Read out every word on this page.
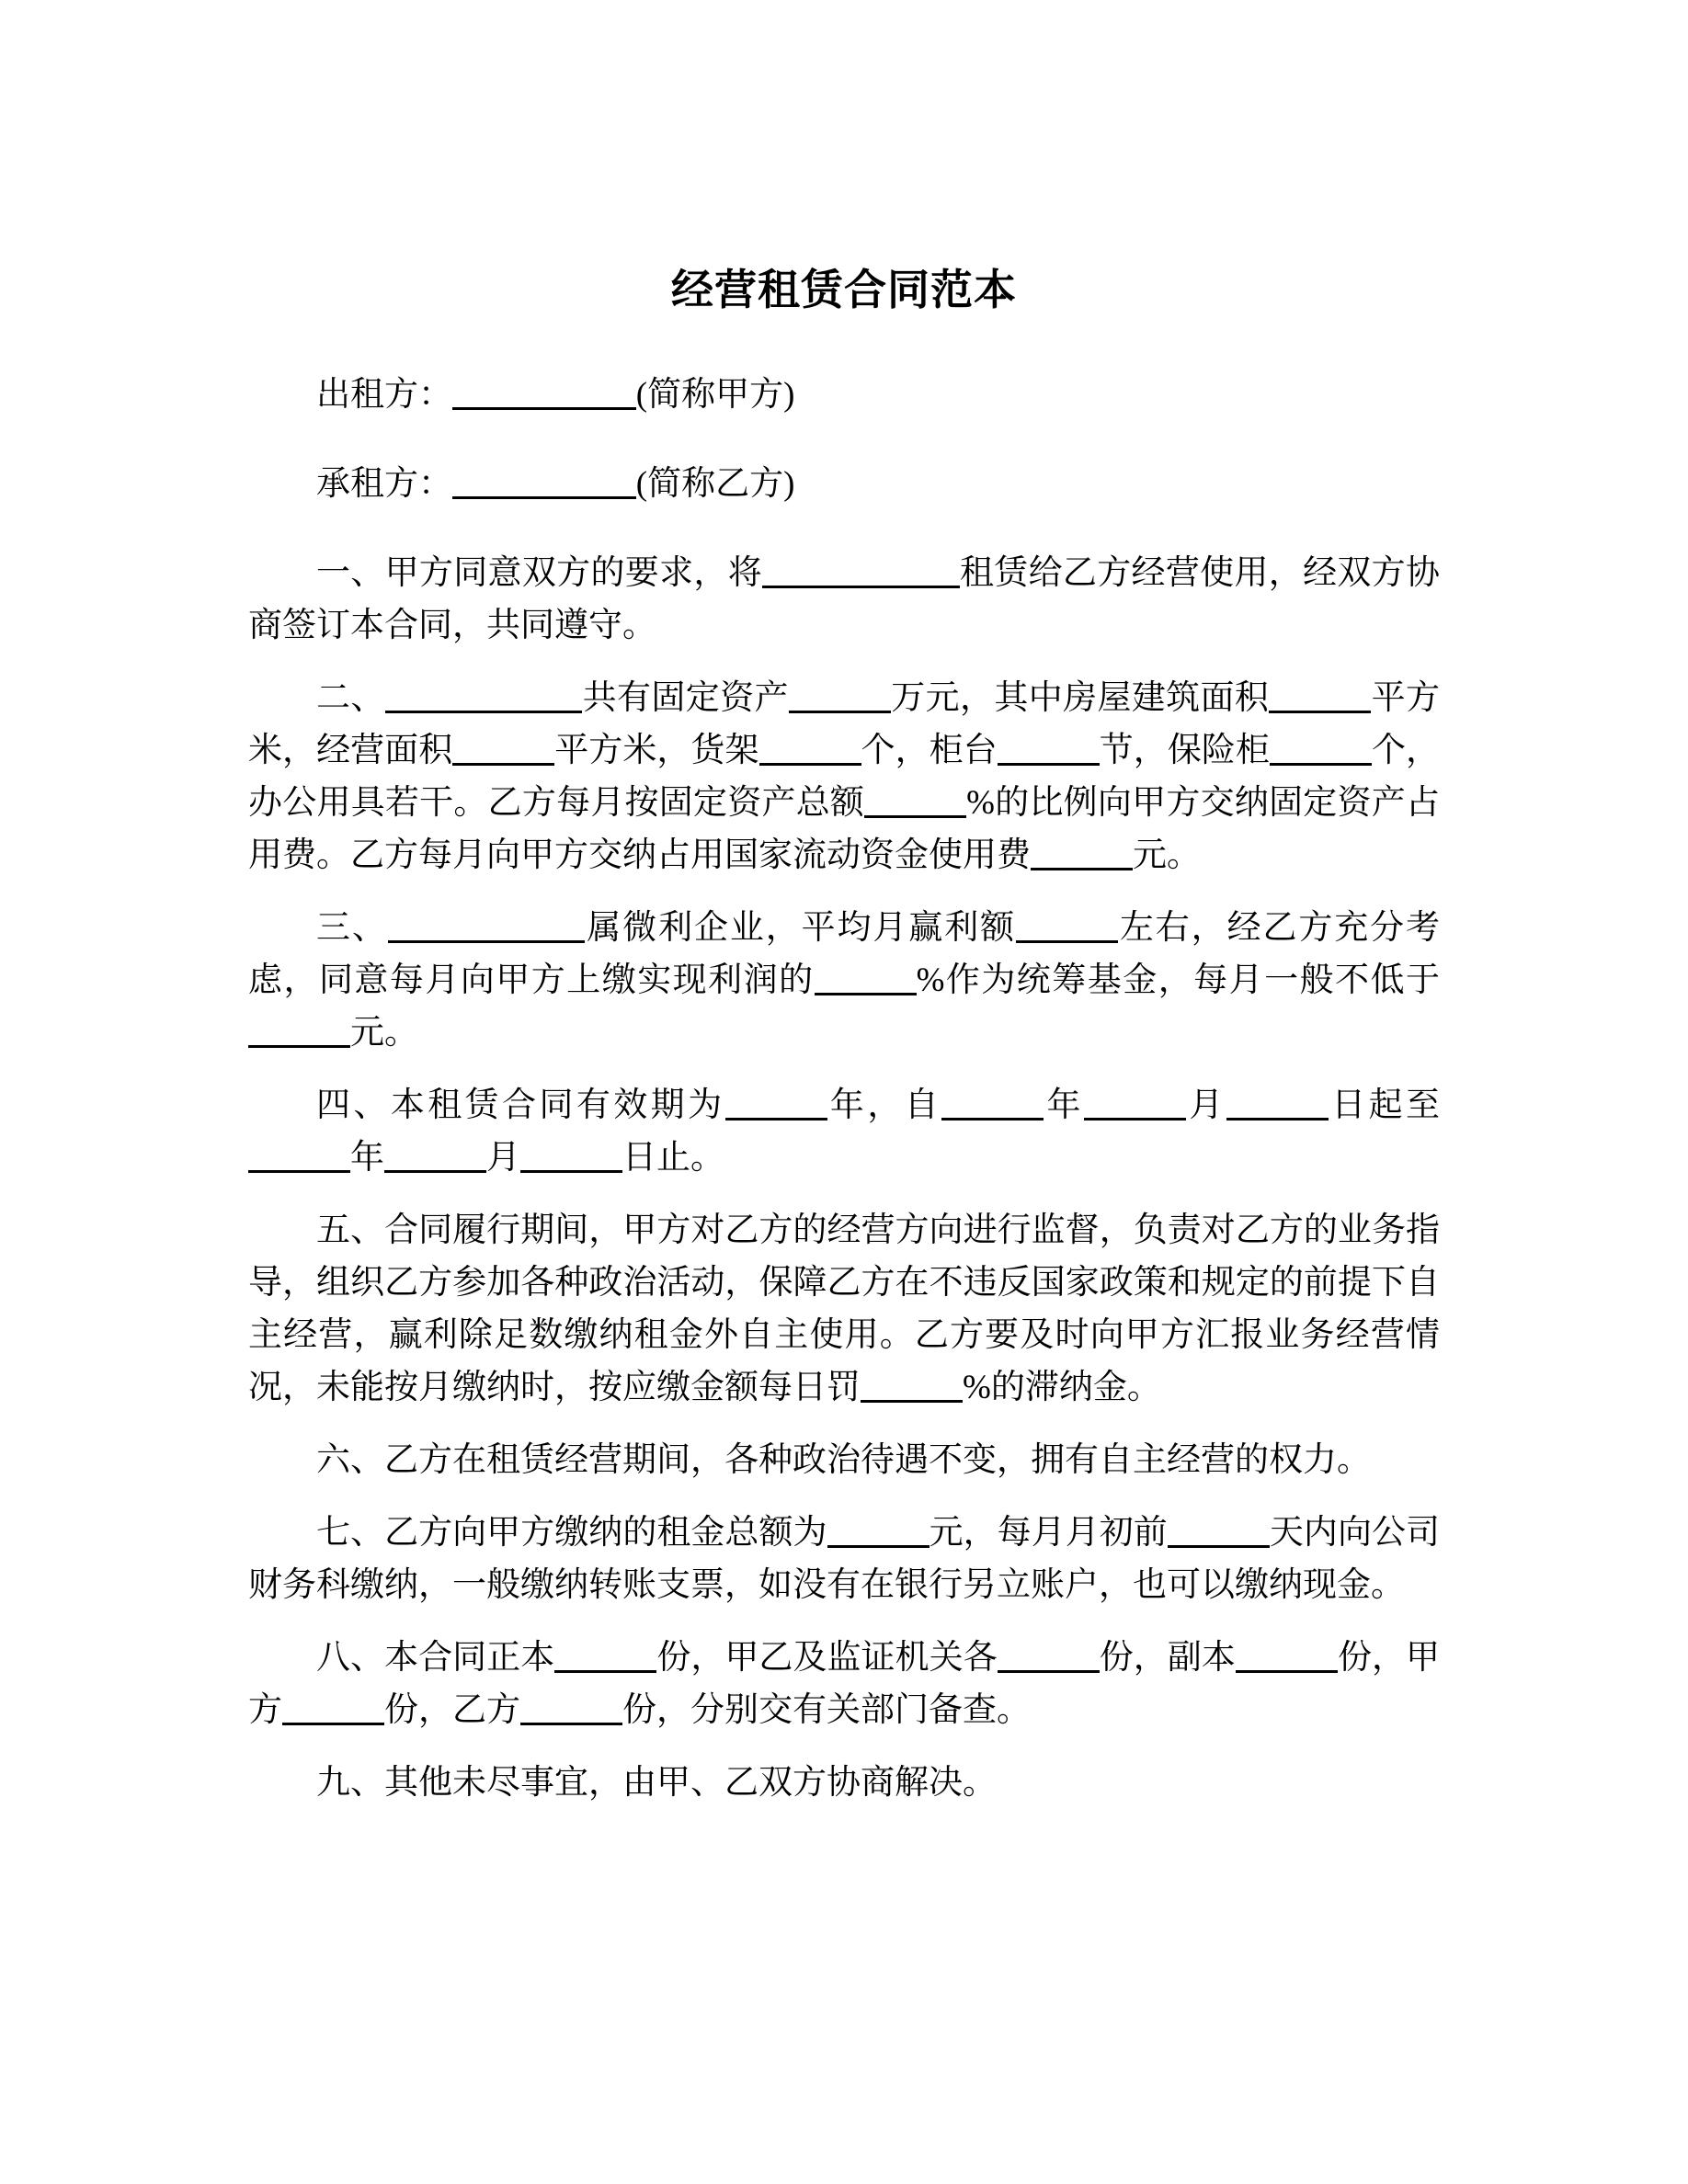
经营租赁合同范本

出租方：	(简称甲方)

承租方：	(简称乙方)

一、甲方同意双方的要求，将	租赁给乙方经营使用，经双方协商签订本合同，共同遵守。

二、	共有固定资产	万元，其中房屋建筑面积	平方米，经营面积	平方米，货架	个，柜台	节，保险柜	个，办公用具若干。乙方每月按固定资产总额	%的比例向甲方交纳固定资产占用费。乙方每月向甲方交纳占用国家流动资金使用费	元。

三、	属微利企业，平均月赢利额	左右，经乙方充分考虑，同意每月向甲方上缴实现利润的	%作为统筹基金，每月一般不低于元。

四、本租赁合同有效期为	年，自	年	月	日起至年	月	日止。

五、合同履行期间，甲方对乙方的经营方向进行监督，负责对乙方的业务指导，组织乙方参加各种政治活动，保障乙方在不违反国家政策和规定的前提下自主经营，赢利除足数缴纳租金外自主使用。乙方要及时向甲方汇报业务经营情况，未能按月缴纳时，按应缴金额每日罚	%的滞纳金。

六、乙方在租赁经营期间，各种政治待遇不变，拥有自主经营的权力。

七、乙方向甲方缴纳的租金总额为	元，每月月初前	天内向公司财务科缴纳，一般缴纳转账支票，如没有在银行另立账户，也可以缴纳现金。

八、本合同正本	份，甲乙及监证机关各	份，副本	份，甲方	份，乙方	份，分别交有关部门备查。

九、其他未尽事宜，由甲、乙双方协商解决。
